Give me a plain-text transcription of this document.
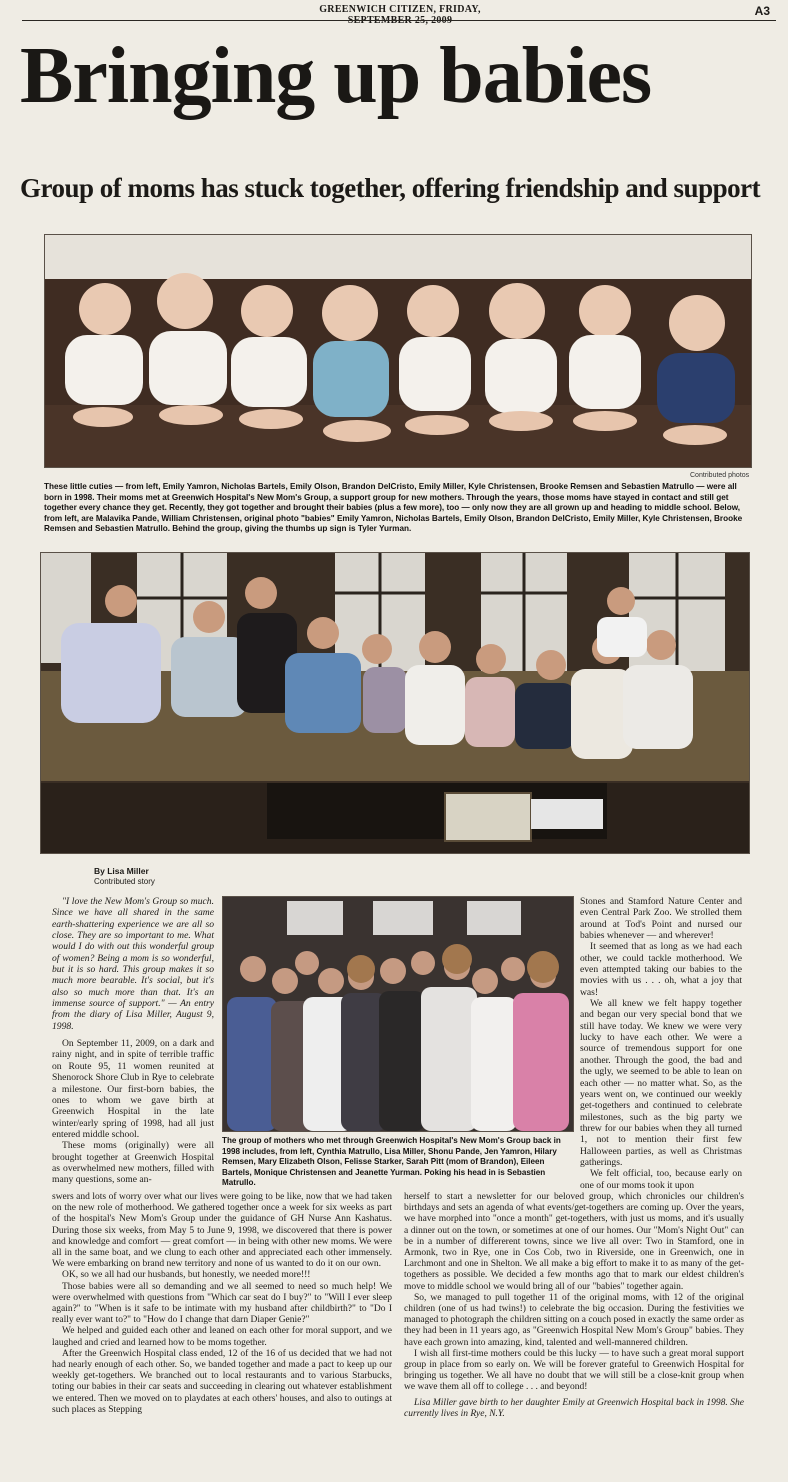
GREENWICH CITIZEN, FRIDAY, SEPTEMBER 25, 2009
A3
Bringing up babies
Group of moms has stuck together, offering friendship and support
Contributed photos
These little cuties — from left, Emily Yamron, Nicholas Bartels, Emily Olson, Brandon DelCristo, Emily Miller, Kyle Christensen, Brooke Remsen and Sebastien Matrullo — were all born in 1998. Their moms met at Greenwich Hospital's New Mom's Group, a support group for new mothers. Through the years, those moms have stayed in contact and still get together every chance they get. Recently, they got together and brought their babies (plus a few more), too — only now they are all grown up and heading to middle school. Below, from left, are Malavika Pande, William Christensen, original photo "babies" Emily Yamron, Nicholas Bartels, Emily Olson, Brandon DelCristo, Emily Miller, Kyle Christensen, Brooke Remsen and Sebastien Matrullo. Behind the group, giving the thumbs up sign is Tyler Yurman.
By Lisa Miller
Contributed story

"I love the New Mom's Group so much. Since we have all shared in the same earth-shattering experience we are all so close. They are so important to me. What would I do with out this wonderful group of women? Being a mom is so wonderful, but it is so hard. This group makes it so much more bearable. It's social, but it's also so much more than that. It's an immense source of support." — An entry from the diary of Lisa Miller, August 9, 1998.

On September 11, 2009, on a dark and rainy night, and in spite of terrible traffic on Route 95, 11 women reunited at Shenorock Shore Club in Rye to celebrate a milestone. Our first-born babies, the ones to whom we gave birth at Greenwich Hospital in the late winter/early spring of 1998, had all just entered middle school.

These moms (originally) were all brought together at Greenwich Hospital as overwhelmed new mothers, filled with many questions, some an-

The group of mothers who met through Greenwich Hospital's New Mom's Group back in 1998 includes, from left, Cynthia Matrullo, Lisa Miller, Shonu Pande, Jen Yamron, Hilary Remsen, Mary Elizabeth Olson, Felisse Starker, Sarah Pitt (mom of Brandon), Eileen Bartels, Monique Christensen and Jeanette Yurman. Poking his head in is Sebastien Matrullo.

Stones and Stamford Nature Center and even Central Park Zoo. We strolled them around at Tod's Point and nursed our babies whenever — and wherever!

It seemed that as long as we had each other, we could tackle motherhood. We even attempted taking our babies to the movies with us . . . oh, what a joy that was!

We all knew we felt happy together and began our very special bond that we still have today. We knew we were very lucky to have each other. We were a source of tremendous support for one another. Through the good, the bad and the ugly, we seemed to be able to lean on each other — no matter what. So, as the years went on, we continued our weekly get-togethers and continued to celebrate milestones, such as the big party we threw for our babies when they all turned 1, not to mention their first few Halloween parties, as well as Christmas gatherings.

We felt official, too, because early on one of our moms took it upon

swers and lots of worry over what our lives were going to be like, now that we had taken on the new role of motherhood. We gathered together once a week for six weeks as part of the hospital's New Mom's Group under the guidance of GH Nurse Ann Kashatus. During those six weeks, from May 5 to June 9, 1998, we discovered that there is power and knowledge and comfort — great comfort — in being with other new moms. We were all in the same boat, and we clung to each other and appreciated each other immensely. We were embarking on brand new territory and none of us wanted to do it on our own.

OK, so we all had our husbands, but honestly, we needed more!!!

Those babies were all so demanding and we all seemed to need so much help! We were overwhelmed with questions from "Which car seat do I buy?" to "Will I ever sleep again?" to "When is it safe to be intimate with my husband after childbirth?" to "Do I really ever want to?" to "How do I change that darn Diaper Genie?"

We helped and guided each other and leaned on each other for moral support, and we laughed and cried and learned how to be moms together.

After the Greenwich Hospital class ended, 12 of the 16 of us decided that we had not had nearly enough of each other. So, we banded together and made a pact to keep up our weekly get-togethers. We branched out to local restaurants and to various Starbucks, toting our babies in their car seats and succeeding in clearing out whatever establishment we entered. Then we moved on to playdates at each others' houses, and also to outings at such places as Stepping

herself to start a newsletter for our beloved group, which chronicles our children's birthdays and sets an agenda of what events/get-togethers are coming up. Over the years, we have morphed into "once a month" get-togethers, with just us moms, and it's usually a dinner out on the town, or sometimes at one of our homes. Our "Mom's Night Out" can be in a number of differerent towns, since we live all over: Two in Stamford, one in Armonk, two in Rye, one in Cos Cob, two in Riverside, one in Greenwich, one in Larchmont and one in Shelton. We all make a big effort to make it to as many of the get-togethers as possible. We decided a few months ago that to mark our eldest children's move to middle school we would bring all of our "babies" together again.

So, we managed to pull together 11 of the original moms, with 12 of the original children (one of us had twins!) to celebrate the big occasion. During the festivities we managed to photograph the children sitting on a couch posed in exactly the same order as they had been in 11 years ago, as "Greenwich Hospital New Mom's Group" babies. They have each grown into amazing, kind, talented and well-mannered children.

I wish all first-time mothers could be this lucky — to have such a great moral support group in place from so early on. We will be forever grateful to Greenwich Hospital for bringing us together. We all have no doubt that we will still be a close-knit group when we wave them all off to college . . . and beyond!

Lisa Miller gave birth to her daughter Emily at Greenwich Hospital back in 1998. She currently lives in Rye, N.Y.
